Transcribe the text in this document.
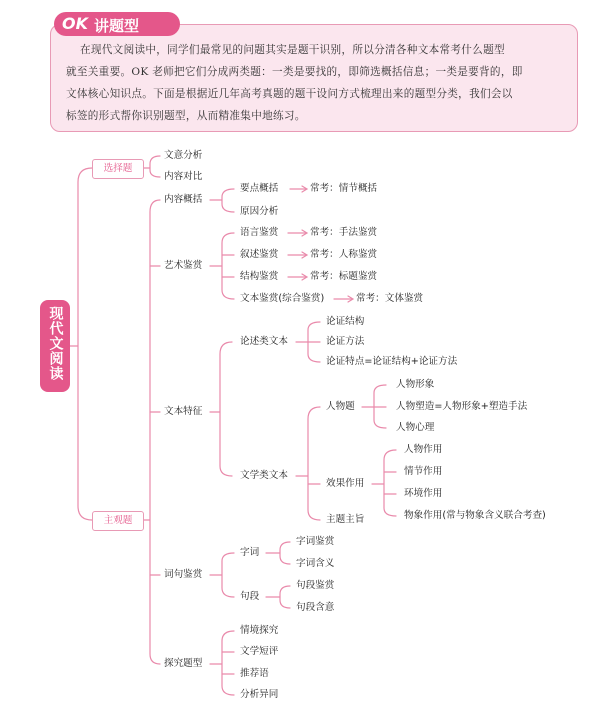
OK 讲题型
在现代文阅读中，同学们最常见的问题其实是题干识别，所以分清各种文本常考什么题型
就至关重要。OK 老师把它们分成两类题：一类是要找的，即筛选概括信息；一类是要背的，即
文体核心知识点。下面是根据近几年高考真题的题干设问方式梳理出来的题型分类，我们会以
标签的形式帮你识别题型，从而精准集中地练习。
现代文阅读
选择题
主观题
文意分析
内容对比
内容概括
要点概括	常考：情节概括
原因分析
艺术鉴赏
语言鉴赏	常考：手法鉴赏
叙述鉴赏	常考：人称鉴赏
结构鉴赏	常考：标题鉴赏
文本鉴赏(综合鉴赏)	常考：文体鉴赏
文本特征
论述类文本
论证结构
论证方法
论证特点=论证结构+论证方法
文学类文本
人物题
人物形象
人物塑造=人物形象+塑造手法
人物心理
效果作用
人物作用
情节作用
环境作用
物象作用(常与物象含义联合考查)
主题主旨
词句鉴赏
字词
字词鉴赏
字词含义
句段
句段鉴赏
句段含意
探究题型
情境探究
文学短评
推荐语
分析异同
